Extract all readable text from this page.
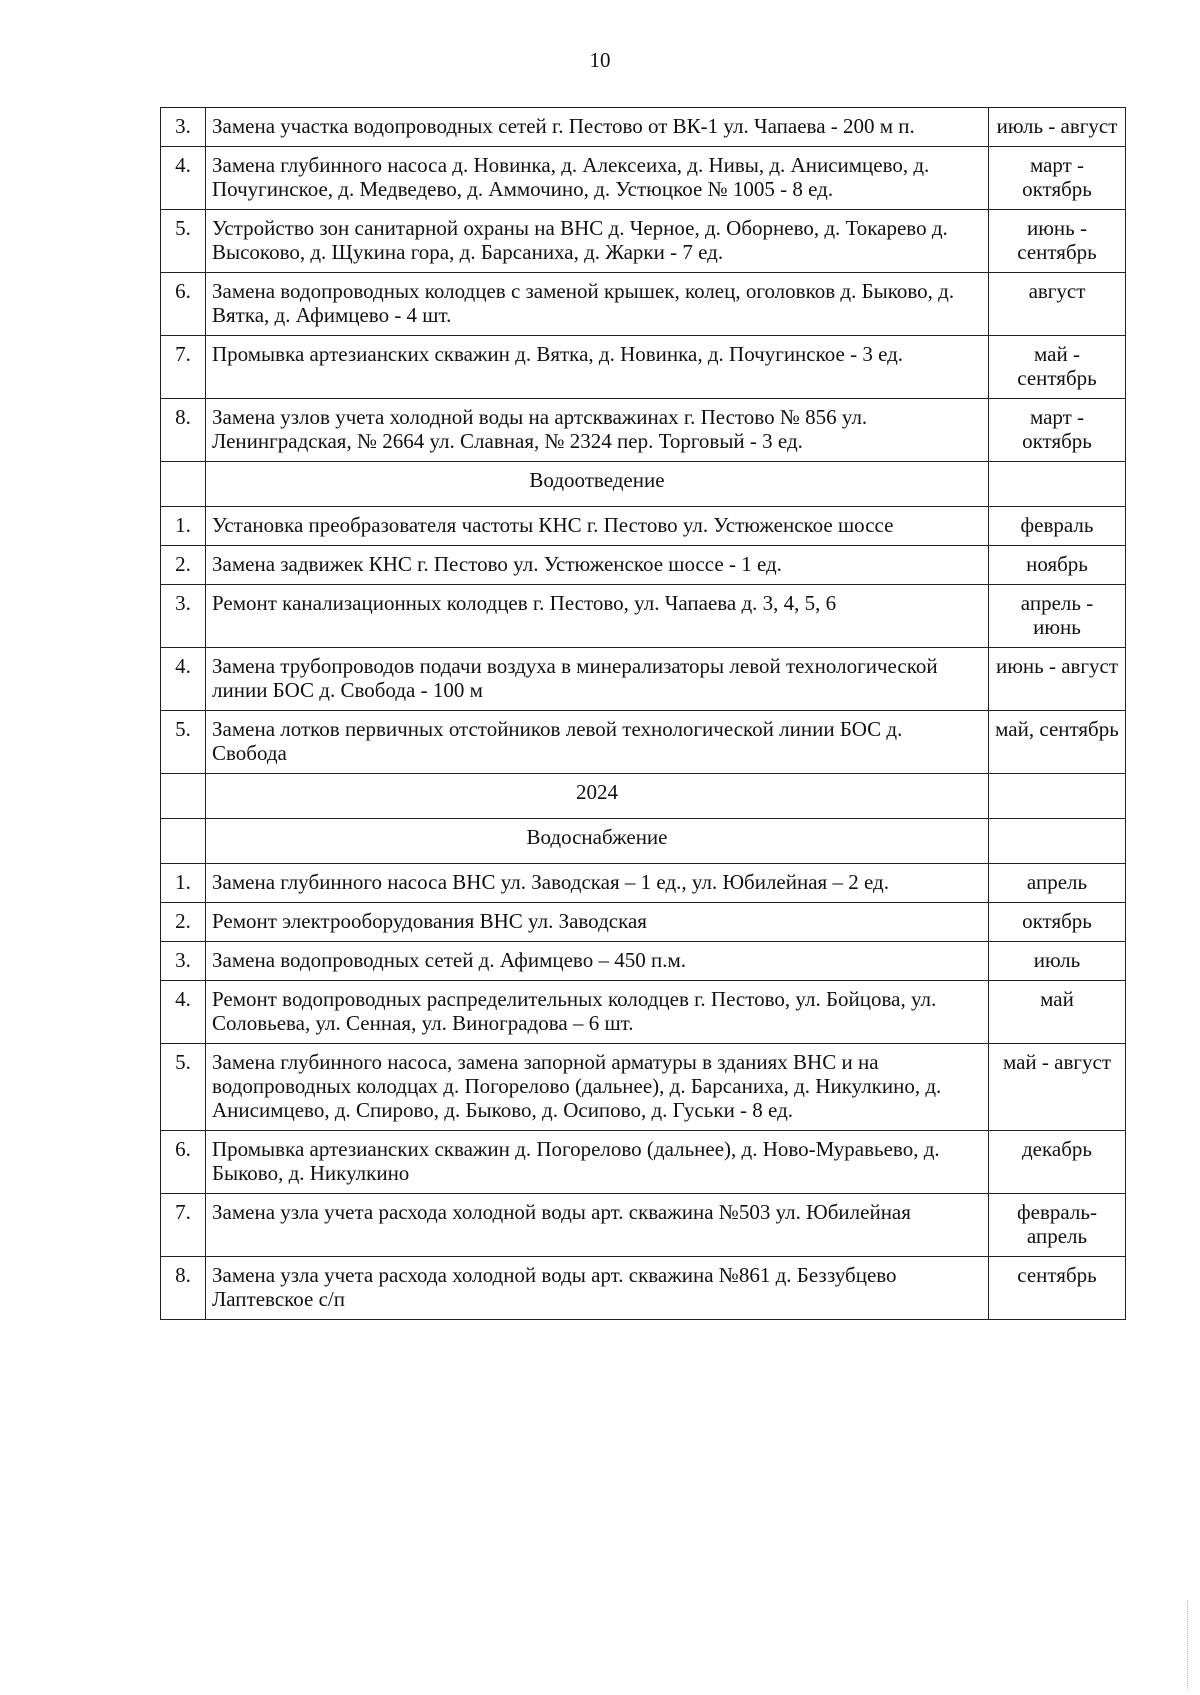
10
3.	Замена участка водопроводных сетей г. Пестово от ВК-1 ул. Чапаева - 200 м п.	июль - август
4.	Замена глубинного насоса д. Новинка, д. Алексеиха, д. Нивы, д. Анисимцево, д. Почугинское, д. Медведево, д. Аммочино, д. Устюцкое № 1005 - 8 ед.	март - октябрь
5.	Устройство зон санитарной охраны на ВНС д. Черное, д. Оборнево, д. Токарево д. Высоково, д. Щукина гора, д. Барсаниха, д. Жарки - 7 ед.	июнь - сентябрь
6.	Замена водопроводных колодцев с заменой крышек, колец, оголовков д. Быково, д. Вятка, д. Афимцево - 4 шт.	август
7.	Промывка артезианских скважин д. Вятка, д. Новинка, д. Почугинское - 3 ед.	май - сентябрь
8.	Замена узлов учета холодной воды на артскважинах г. Пестово № 856 ул. Ленинградская, № 2664 ул. Славная, № 2324 пер. Торговый - 3 ед.	март - октябрь
	Водоотведение	
1.	Установка преобразователя частоты КНС г. Пестово ул. Устюженское шоссе	февраль
2.	Замена задвижек КНС г. Пестово ул. Устюженское шоссе - 1 ед.	ноябрь
3.	Ремонт канализационных колодцев г. Пестово, ул. Чапаева д. 3, 4, 5, 6	апрель - июнь
4.	Замена трубопроводов подачи воздуха в минерализаторы левой технологической линии БОС д. Свобода - 100 м	июнь - август
5.	Замена лотков первичных отстойников левой технологической линии БОС д. Свобода	май, сентябрь
	2024	
	Водоснабжение	
1.	Замена глубинного насоса ВНС ул. Заводская – 1 ед., ул. Юбилейная – 2 ед.	апрель
2.	Ремонт электрооборудования ВНС ул. Заводская	октябрь
3.	Замена водопроводных сетей д. Афимцево – 450 п.м.	июль
4.	Ремонт водопроводных распределительных колодцев г. Пестово, ул. Бойцова, ул. Соловьева, ул. Сенная, ул. Виноградова – 6 шт.	май
5.	Замена глубинного насоса, замена запорной арматуры в зданиях ВНС и на водопроводных колодцах д. Погорелово (дальнее), д. Барсаниха, д. Никулкино, д. Анисимцево, д. Спирово, д. Быково, д. Осипово, д. Гуськи - 8 ед.	май - август
6.	Промывка артезианских скважин д. Погорелово (дальнее), д. Ново-Муравьево, д. Быково, д. Никулкино	декабрь
7.	Замена узла учета расхода холодной воды арт. скважина №503 ул. Юбилейная	февраль- апрель
8.	Замена узла учета расхода холодной воды арт. скважина №861 д. Беззубцево Лаптевское с/п	сентябрь
